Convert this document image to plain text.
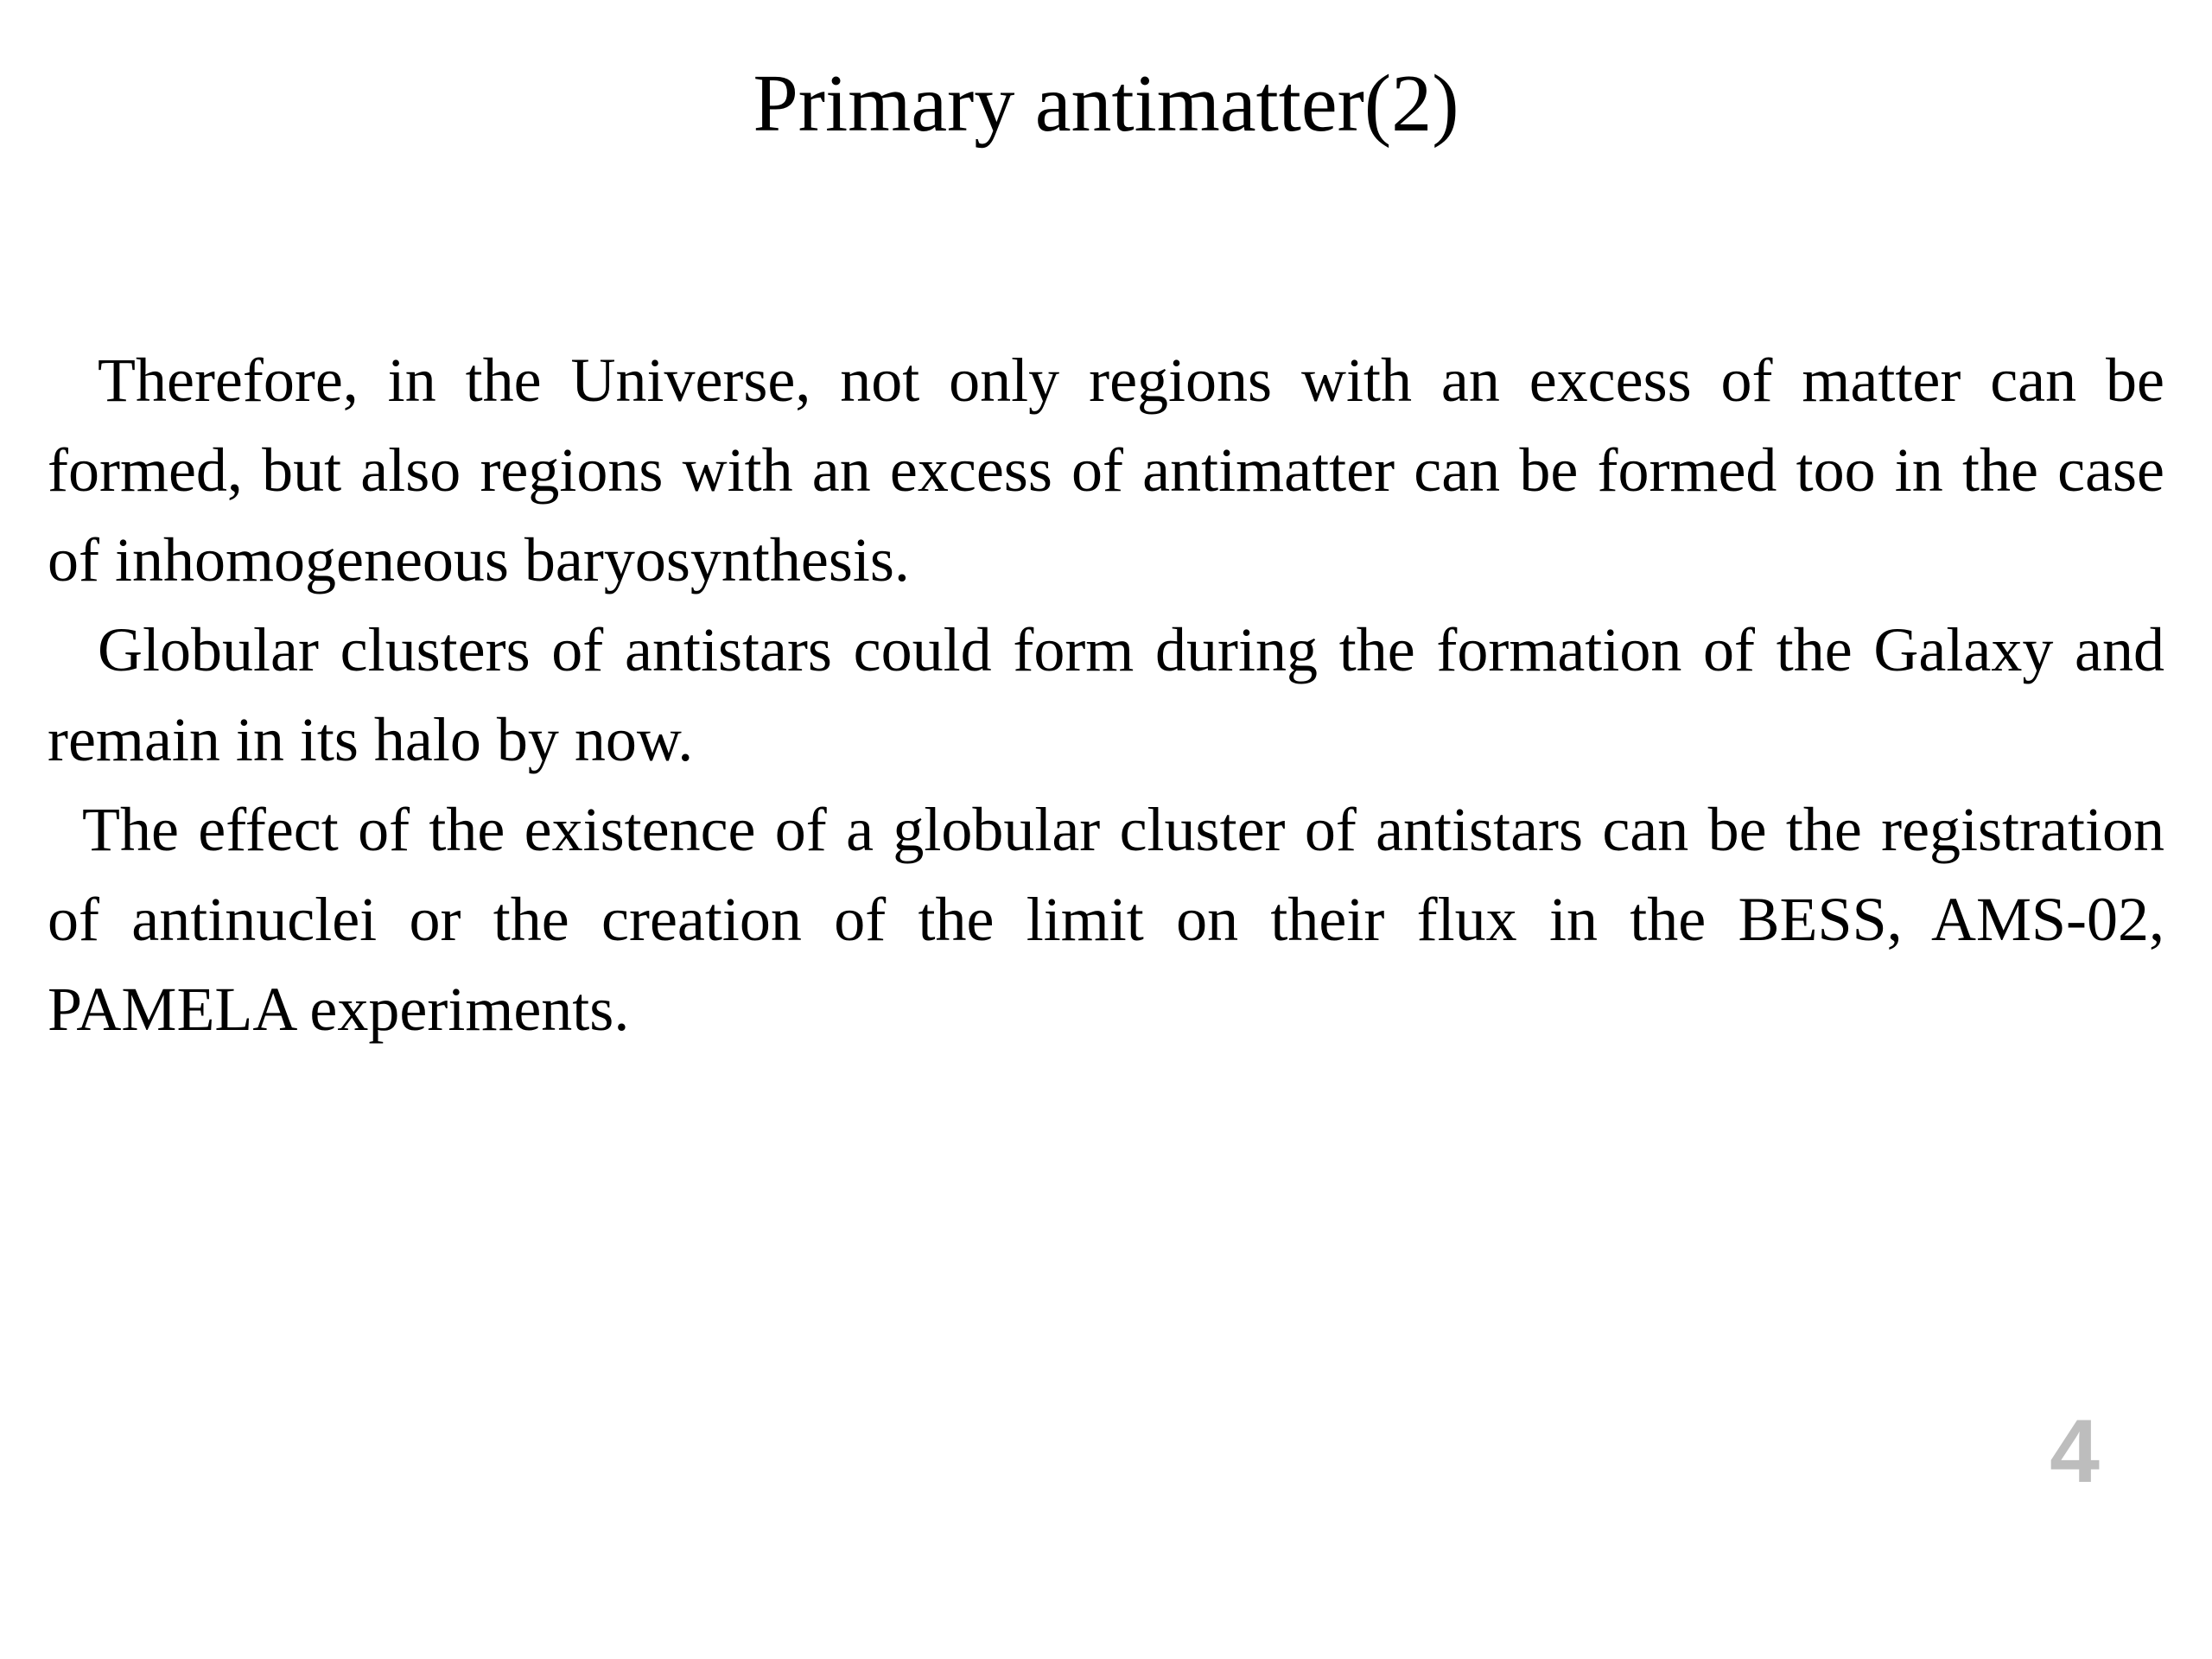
Primary antimatter(2)

Therefore, in the Universe, not only regions with an excess of matter can be formed, but also regions with an excess of antimatter can be formed too in the case of inhomogeneous baryosynthesis.

Globular clusters of antistars could form during the formation of the Galaxy and remain in its halo by now.

The effect of the existence of a globular cluster of antistars can be the registration of antinuclei or the creation of the limit on their flux in the BESS, AMS-02, PAMELA experiments.

4
